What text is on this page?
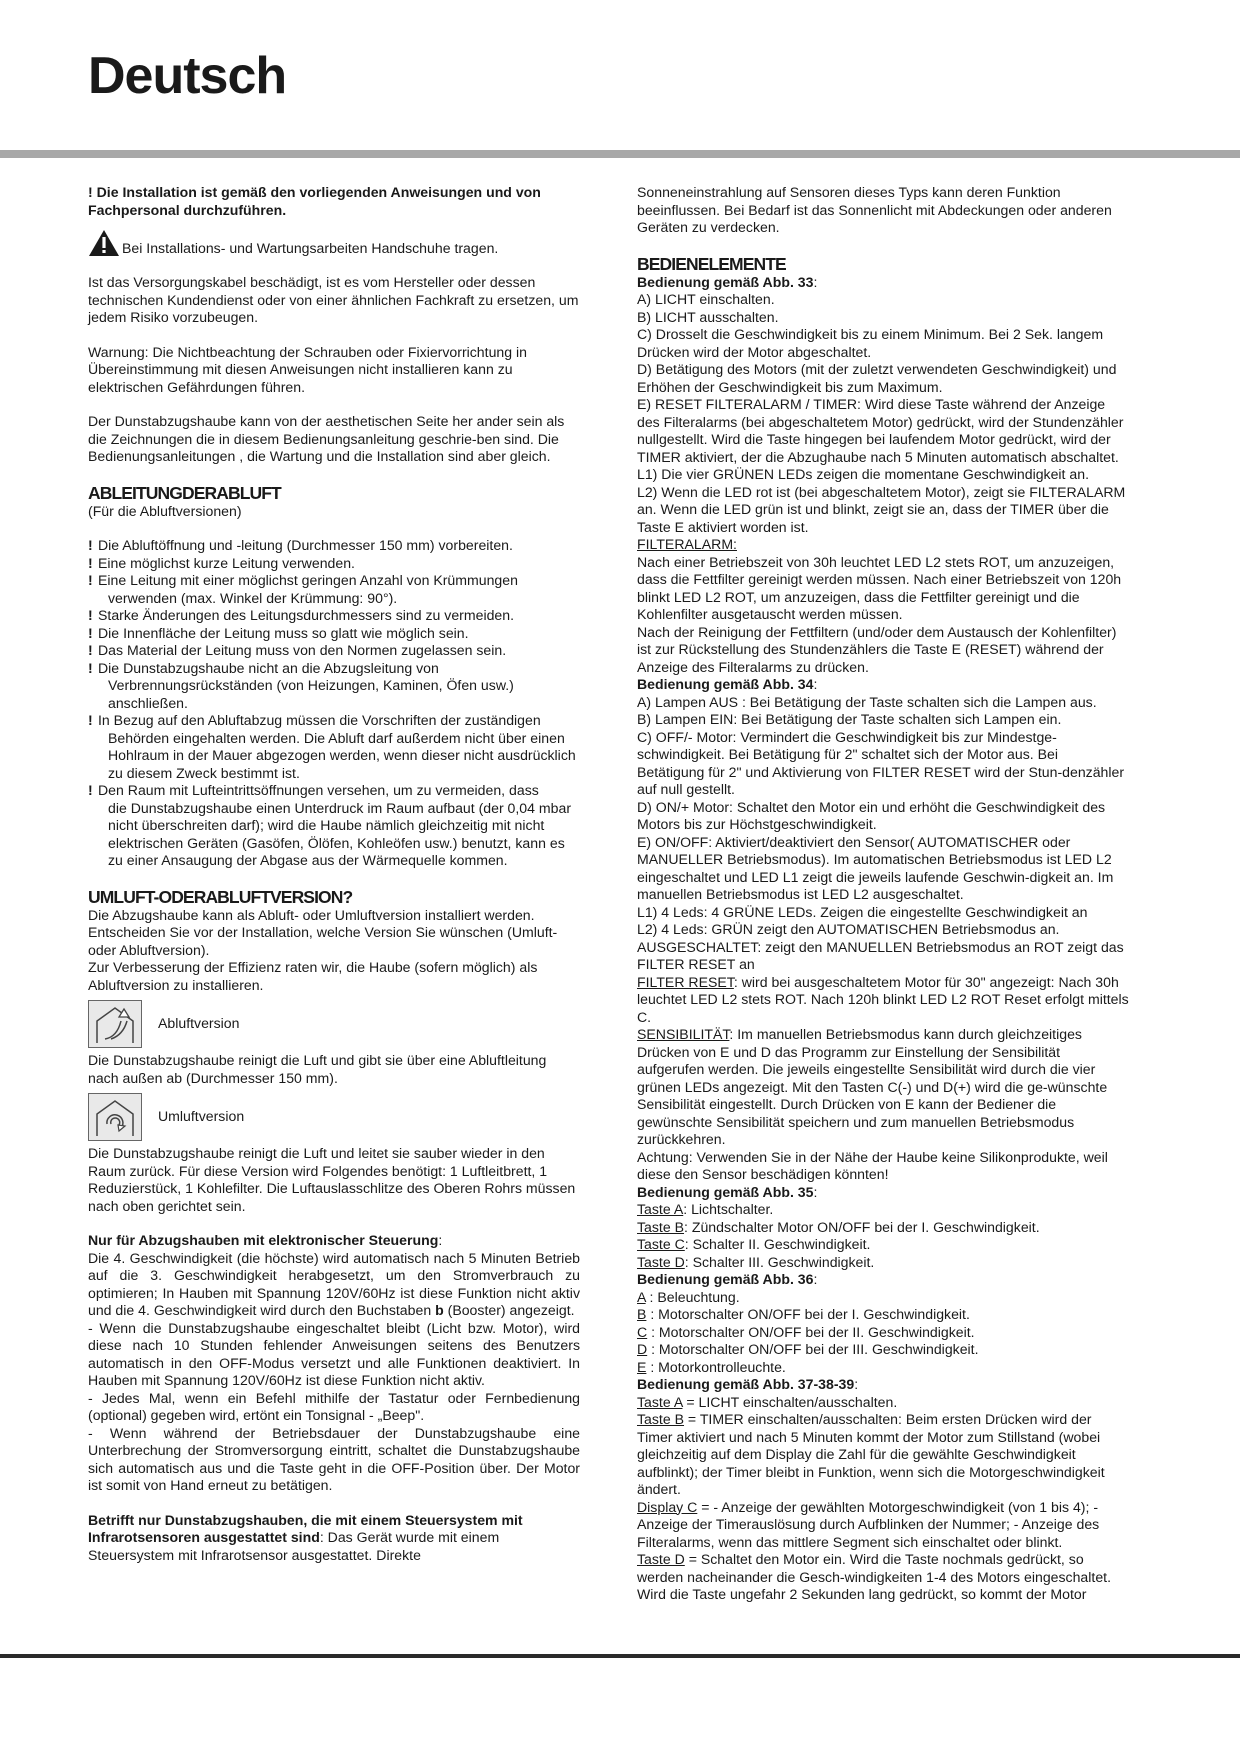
Deutsch

! Die Installation ist gemäß den vorliegenden Anweisungen und von Fachpersonal durchzuführen.

Bei Installations- und Wartungsarbeiten Handschuhe tragen.

Ist das Versorgungskabel beschädigt, ist es vom Hersteller oder dessen technischen Kundendienst oder von einer ähnlichen Fachkraft zu ersetzen, um jedem Risiko vorzubeugen.

Warnung: Die Nichtbeachtung der Schrauben oder Fixiervorrichtung in Übereinstimmung mit diesen Anweisungen nicht installieren kann zu elektrischen Gefährdungen führen.

Der Dunstabzugshaube kann von der aesthetischen Seite her ander sein als die Zeichnungen die in diesem Bedienungsanleitung geschrie-ben sind. Die Bedienungsanleitungen , die Wartung und die Installation sind aber gleich.

ABLEITUNGDERABLUFT

(Für die Abluftversionen)

! Die Abluftöffnung und -leitung (Durchmesser 150 mm) vorbereiten.
! Eine möglichst kurze Leitung verwenden.
! Eine Leitung mit einer möglichst geringen Anzahl von Krümmungen
verwenden (max. Winkel der Krümmung: 90°).
! Starke Änderungen des Leitungsdurchmessers sind zu vermeiden.
! Die Innenfläche der Leitung muss so glatt wie möglich sein.
! Das Material der Leitung muss von den Normen zugelassen sein.
! Die Dunstabzugshaube nicht an die Abzugsleitung von
Verbrennungsrückständen (von Heizungen, Kaminen, Öfen usw.) anschließen.
! In Bezug auf den Abluftabzug müssen die Vorschriften der zuständigen
Behörden eingehalten werden. Die Abluft darf außerdem nicht über einen Hohlraum in der Mauer abgezogen werden, wenn dieser nicht ausdrücklich zu diesem Zweck bestimmt ist.
! Den Raum mit Lufteintrittsöffnungen versehen, um zu vermeiden, dass
die Dunstabzugshaube einen Unterdruck im Raum aufbaut (der 0,04 mbar nicht überschreiten darf); wird die Haube nämlich gleichzeitig mit nicht elektrischen Geräten (Gasöfen, Ölöfen, Kohleöfen usw.) benutzt, kann es zu einer Ansaugung der Abgase aus der Wärmequelle kommen.
UMLUFT-ODERABLUFTVERSION?

Die Abzugshaube kann als Abluft- oder Umluftversion installiert werden. Entscheiden Sie vor der Installation, welche Version Sie wünschen (Umluft- oder Abluftversion).

Zur Verbesserung der Effizienz raten wir, die Haube (sofern möglich) als Abluftversion zu installieren.

Abluftversion

Die Dunstabzugshaube reinigt die Luft und gibt sie über eine Abluftleitung nach außen ab (Durchmesser 150 mm).

Umluftversion

Die Dunstabzugshaube reinigt die Luft und leitet sie sauber wieder in den Raum zurück. Für diese Version wird Folgendes benötigt: 1 Luftleitbrett, 1 Reduzierstück, 1 Kohlefilter. Die Luftauslasschlitze des Oberen Rohrs müssen nach oben gerichtet sein.

Nur für Abzugshauben mit elektronischer Steuerung:
Die 4. Geschwindigkeit (die höchste) wird automatisch nach 5 Minuten Betrieb auf die 3. Geschwindigkeit herabgesetzt, um den Stromverbrauch zu optimieren; In Hauben mit Spannung 120V/60Hz ist diese Funktion nicht aktiv und die 4. Geschwindigkeit wird durch den Buchstaben b (Booster) angezeigt.

- Wenn die Dunstabzugshaube eingeschaltet bleibt (Licht bzw. Motor), wird diese nach 10 Stunden fehlender Anweisungen seitens des Benutzers automatisch in den OFF-Modus versetzt und alle Funktionen deaktiviert. In Hauben mit Spannung 120V/60Hz ist diese Funktion nicht aktiv.

- Jedes Mal, wenn ein Befehl mithilfe der Tastatur oder Fernbedienung (optional) gegeben wird, ertönt ein Tonsignal - „Beep".

- Wenn während der Betriebsdauer der Dunstabzugshaube eine Unterbrechung der Stromversorgung eintritt, schaltet die Dunstabzugshaube sich automatisch aus und die Taste geht in die OFF-Position über. Der Motor ist somit von Hand erneut zu betätigen.

Betrifft nur Dunstabzugshauben, die mit einem Steuersystem mit Infrarotsensoren ausgestattet sind: Das Gerät wurde mit einem Steuersystem mit Infrarotsensor ausgestattet. Direkte

Sonneneinstrahlung auf Sensoren dieses Typs kann deren Funktion beeinflussen. Bei Bedarf ist das Sonnenlicht mit Abdeckungen oder anderen Geräten zu verdecken.

BEDIENELEMENTE

Bedienung gemäß Abb. 33:

A) LICHT einschalten.

B) LICHT ausschalten.

C) Drosselt die Geschwindigkeit bis zu einem Minimum. Bei 2 Sek. langem Drücken wird der Motor abgeschaltet.

D) Betätigung des Motors (mit der zuletzt verwendeten Geschwindigkeit) und Erhöhen der Geschwindigkeit bis zum Maximum.

E) RESET FILTERALARM / TIMER: Wird diese Taste während der Anzeige des Filteralarms (bei abgeschaltetem Motor) gedrückt, wird der Stundenzähler nullgestellt. Wird die Taste hingegen bei laufendem Motor gedrückt, wird der TIMER aktiviert, der die Abzughaube nach 5 Minuten automatisch abschaltet.

L1) Die vier GRÜNEN LEDs zeigen die momentane Geschwindigkeit an.

L2) Wenn die LED rot ist (bei abgeschaltetem Motor), zeigt sie FILTERALARM an. Wenn die LED grün ist und blinkt, zeigt sie an, dass der TIMER über die Taste E aktiviert worden ist.

FILTERALARM:

Nach einer Betriebszeit von 30h leuchtet LED L2 stets ROT, um anzuzeigen, dass die Fettfilter gereinigt werden müssen. Nach einer Betriebszeit von 120h blinkt LED L2 ROT, um anzuzeigen, dass die Fettfilter gereinigt und die Kohlenfilter ausgetauscht werden müssen.

Nach der Reinigung der Fettfiltern (und/oder dem Austausch der Kohlenfilter) ist zur Rückstellung des Stundenzählers die Taste E (RESET) während der Anzeige des Filteralarms zu drücken.

Bedienung gemäß Abb. 34:

A) Lampen AUS : Bei Betätigung der Taste schalten sich die Lampen aus.

B) Lampen EIN: Bei Betätigung der Taste schalten sich Lampen ein.

C) OFF/- Motor: Vermindert die Geschwindigkeit bis zur Mindestge-schwindigkeit. Bei Betätigung für 2" schaltet sich der Motor aus. Bei Betätigung für 2" und Aktivierung von FILTER RESET wird der Stun-denzähler auf null gestellt.

D) ON/+ Motor: Schaltet den Motor ein und erhöht die Geschwindigkeit des Motors bis zur Höchstgeschwindigkeit.

E) ON/OFF: Aktiviert/deaktiviert den Sensor( AUTOMATISCHER oder MANUELLER Betriebsmodus). Im automatischen Betriebsmodus ist LED L2 eingeschaltet und LED L1 zeigt die jeweils laufende Geschwin-digkeit an. Im manuellen Betriebsmodus ist LED L2 ausgeschaltet.

L1) 4 Leds: 4 GRÜNE LEDs. Zeigen die eingestellte Geschwindigkeit an

L2) 4 Leds: GRÜN zeigt den AUTOMATISCHEN Betriebsmodus an.

AUSGESCHALTET: zeigt den MANUELLEN Betriebsmodus an ROT zeigt das FILTER RESET an

FILTER RESET: wird bei ausgeschaltetem Motor für 30" angezeigt: Nach 30h leuchtet LED L2 stets ROT. Nach 120h blinkt LED L2 ROT Reset erfolgt mittels C.

SENSIBILITÄT: Im manuellen Betriebsmodus kann durch gleichzeitiges Drücken von E und D das Programm zur Einstellung der Sensibilität aufgerufen werden. Die jeweils eingestellte Sensibilität wird durch die vier grünen LEDs angezeigt. Mit den Tasten C(-) und D(+) wird die ge-wünschte Sensibilität eingestellt. Durch Drücken von E kann der Bediener die gewünschte Sensibilität speichern und zum manuellen Betriebsmodus zurückkehren.

Achtung: Verwenden Sie in der Nähe der Haube keine Silikonprodukte, weil diese den Sensor beschädigen könnten!

Bedienung gemäß Abb. 35:

Taste A: Lichtschalter.

Taste B: Zündschalter Motor ON/OFF bei der I. Geschwindigkeit.

Taste C: Schalter II. Geschwindigkeit.

Taste D: Schalter III. Geschwindigkeit.

Bedienung gemäß Abb. 36:

A : Beleuchtung.

B : Motorschalter ON/OFF bei der I. Geschwindigkeit.

C : Motorschalter ON/OFF bei der II. Geschwindigkeit.

D : Motorschalter ON/OFF bei der III. Geschwindigkeit.

E : Motorkontrolleuchte.

Bedienung gemäß Abb. 37-38-39:

Taste A = LICHT einschalten/ausschalten.

Taste B = TIMER einschalten/ausschalten: Beim ersten Drücken wird der Timer aktiviert und nach 5 Minuten kommt der Motor zum Stillstand (wobei gleichzeitig auf dem Display die Zahl für die gewählte Geschwindigkeit aufblinkt); der Timer bleibt in Funktion, wenn sich die Motorgeschwindigkeit ändert.

Display C = - Anzeige der gewählten Motorgeschwindigkeit (von 1 bis 4); - Anzeige der Timerauslösung durch Aufblinken der Nummer; - Anzeige des Filteralarms, wenn das mittlere Segment sich einschaltet oder blinkt.

Taste D = Schaltet den Motor ein. Wird die Taste nochmals gedrückt, so werden nacheinander die Gesch-windigkeiten 1-4 des Motors eingeschaltet. Wird die Taste ungefahr 2 Sekunden lang gedrückt, so kommt der Motor
